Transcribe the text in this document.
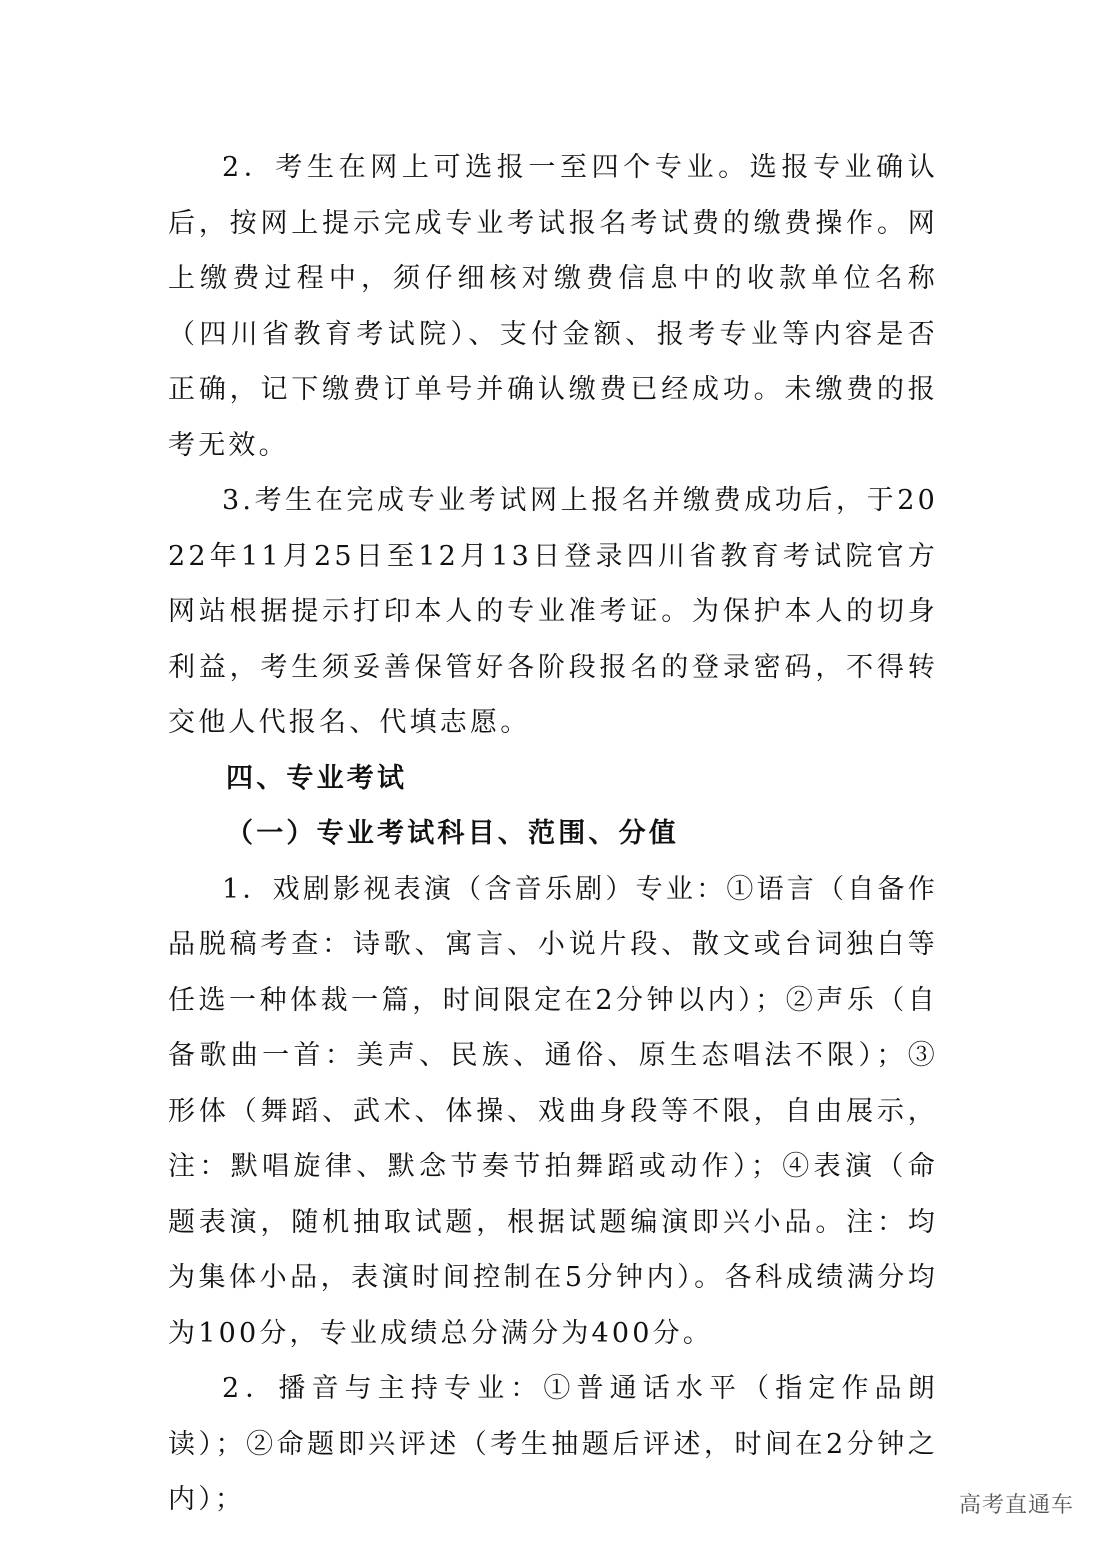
2．考生在网上可选报一至四个专业。选报专业确认后，按网上提示完成专业考试报名考试费的缴费操作。网上缴费过程中，须仔细核对缴费信息中的收款单位名称（四川省教育考试院）、支付金额、报考专业等内容是否正确，记下缴费订单号并确认缴费已经成功。未缴费的报考无效。

3.考生在完成专业考试网上报名并缴费成功后，于2022年11月25日至12月13日登录四川省教育考试院官方网站根据提示打印本人的专业准考证。为保护本人的切身利益，考生须妥善保管好各阶段报名的登录密码，不得转交他人代报名、代填志愿。

四、专业考试

（一）专业考试科目、范围、分值

1．戏剧影视表演（含音乐剧）专业：①语言（自备作品脱稿考查：诗歌、寓言、小说片段、散文或台词独白等任选一种体裁一篇，时间限定在2分钟以内）；②声乐（自备歌曲一首：美声、民族、通俗、原生态唱法不限）；③形体（舞蹈、武术、体操、戏曲身段等不限，自由展示，注：默唱旋律、默念节奏节拍舞蹈或动作）；④表演（命题表演，随机抽取试题，根据试题编演即兴小品。注：均为集体小品，表演时间控制在5分钟内）。各科成绩满分均为100分，专业成绩总分满分为400分。

2．播音与主持专业：①普通话水平（指定作品朗读）；②命题即兴评述（考生抽题后评述，时间在2分钟之内）；	高考直通车
